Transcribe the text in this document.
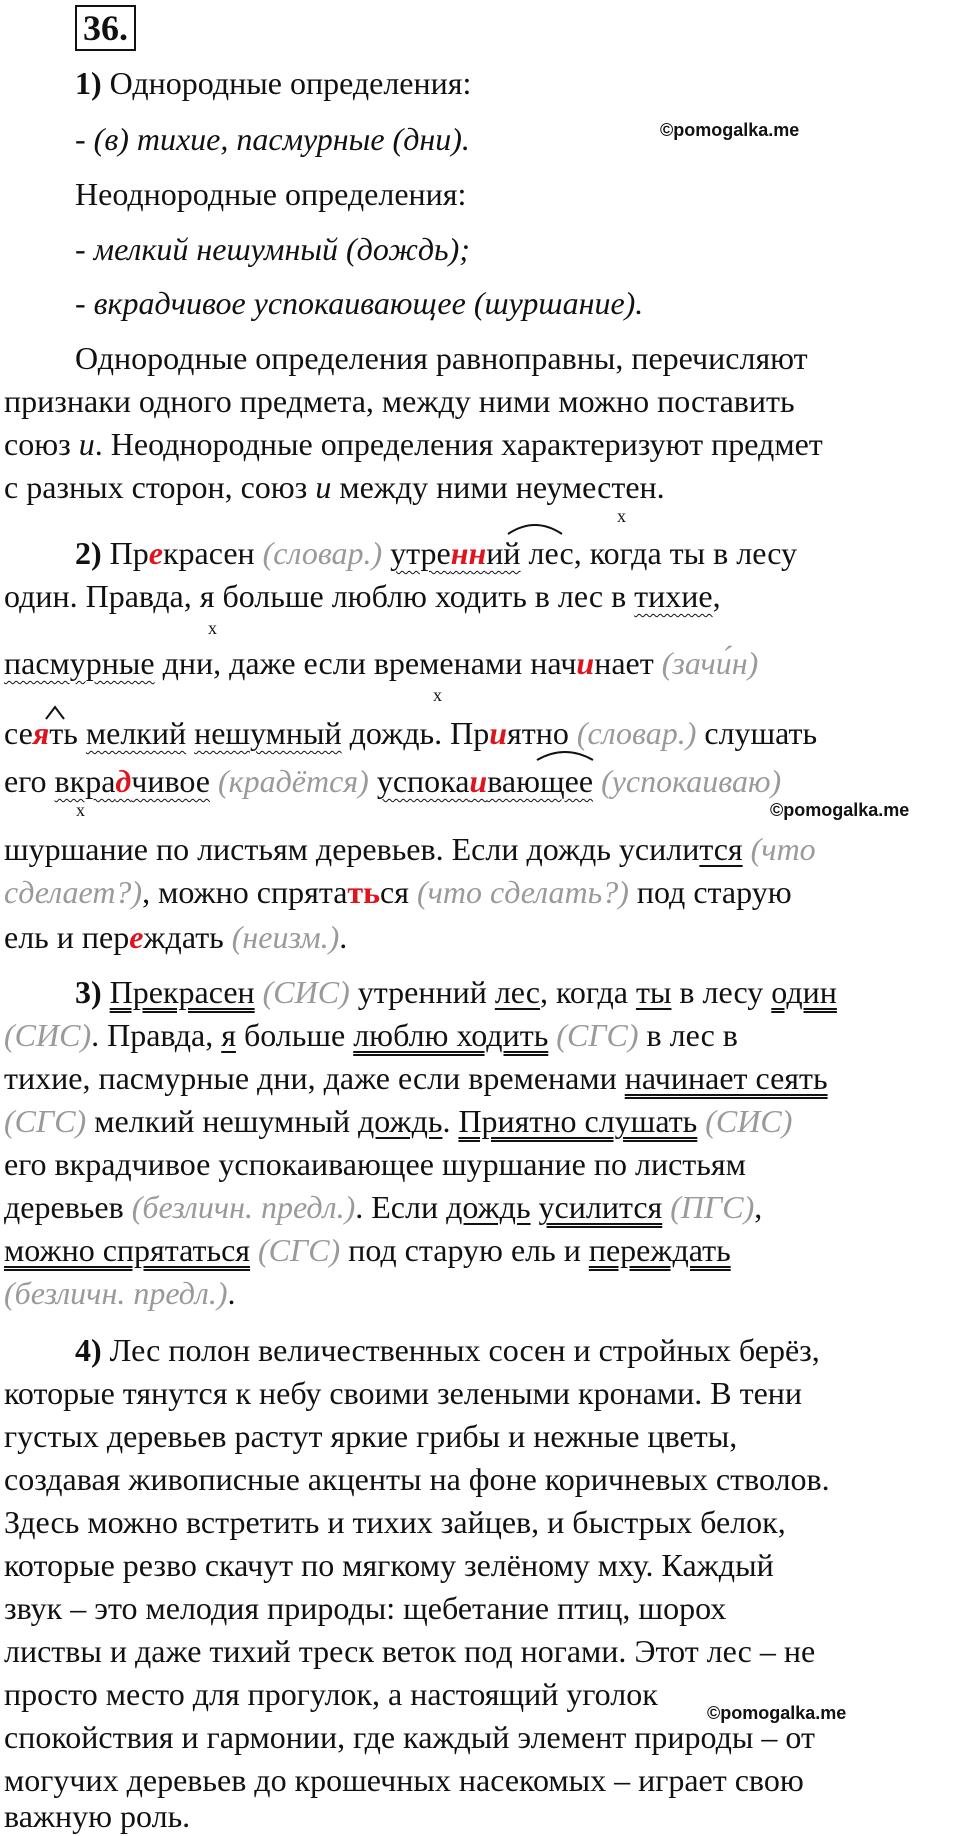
36.
©pomogalka.me
©pomogalka.me
©pomogalka.me
1) Однородные определения:
- (в) тихие, пасмурные (дни).
Неоднородные определения:
- мелкий нешумный (дождь);
- вкрадчивое успокаивающее (шуршание).
Однородные определения равноправны, перечисляют
признаки одного предмета, между ними можно поставить
союз и. Неоднородные определения характеризуют предмет
с разных сторон, союз и между ними неуместен.
x
2) Прекрасен (словар.) утренний лес, когда ты в лесу
один. Правда, я больше люблю ходить в лес в тихие,
x
пасмурные дни, даже если временами начинает (зачи́н)
x
сеять мелкий нешумный дождь. Приятно (словар.) слушать
его вкрадчивое (крадётся) успокаивающее (успокаиваю)
x
шуршание по листьям деревьев. Если дождь усилится (что
сделает?), можно спрятаться (что сделать?) под старую
ель и переждать (неизм.).
3) Прекрасен (СИС) утренний лес, когда ты в лесу один
(СИС). Правда, я больше люблю ходить (СГС) в лес в
тихие, пасмурные дни, даже если временами начинает сеять
(СГС) мелкий нешумный дождь. Приятно слушать (СИС)
его вкрадчивое успокаивающее шуршание по листьям
деревьев (безличн. предл.). Если дождь усилится (ПГС),
можно спрятаться (СГС) под старую ель и переждать
(безличн. предл.).
4) Лес полон величественных сосен и стройных берёз,
которые тянутся к небу своими зелеными кронами. В тени
густых деревьев растут яркие грибы и нежные цветы,
создавая живописные акценты на фоне коричневых стволов.
Здесь можно встретить и тихих зайцев, и быстрых белок,
которые резво скачут по мягкому зелёному мху. Каждый
звук – это мелодия природы: щебетание птиц, шорох
листвы и даже тихий треск веток под ногами. Этот лес – не
просто место для прогулок, а настоящий уголок
спокойствия и гармонии, где каждый элемент природы – от
могучих деревьев до крошечных насекомых – играет свою
важную роль.
